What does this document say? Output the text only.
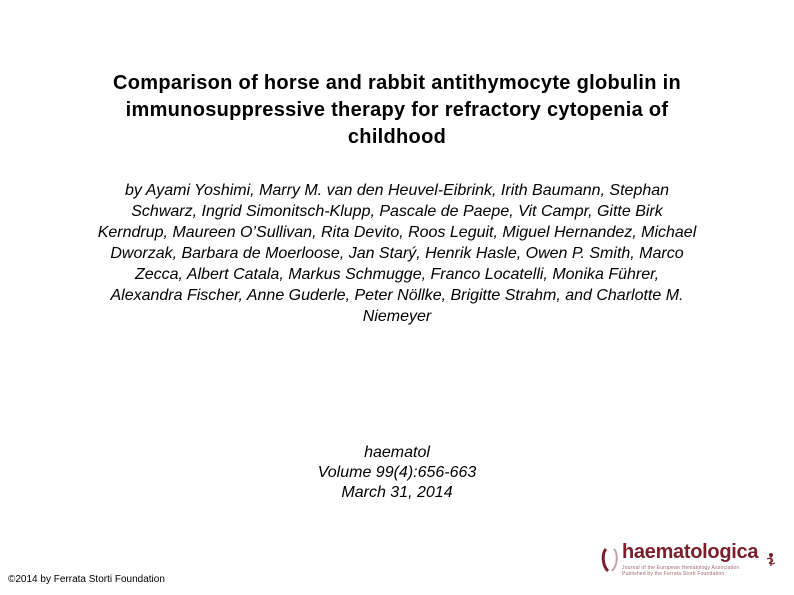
Comparison of horse and rabbit antithymocyte globulin in
immunosuppressive therapy for refractory cytopenia of
childhood
by Ayami Yoshimi, Marry M. van den Heuvel-Eibrink, Irith Baumann, Stephan
Schwarz, Ingrid Simonitsch-Klupp, Pascale de Paepe, Vit Campr, Gitte Birk
Kerndrup, Maureen O’Sullivan, Rita Devito, Roos Leguit, Miguel Hernandez, Michael
Dworzak, Barbara de Moerloose, Jan Starý, Henrik Hasle, Owen P. Smith, Marco
Zecca, Albert Catala, Markus Schmugge, Franco Locatelli, Monika Führer,
Alexandra Fischer, Anne Guderle, Peter Nöllke, Brigitte Strahm, and Charlotte M.
Niemeyer
haematol
Volume 99(4):656-663
March 31, 2014
©2014 by Ferrata Storti Foundation
haematologica
Journal of the European Hematology Association
Published by the Ferrata Storti Foundation
